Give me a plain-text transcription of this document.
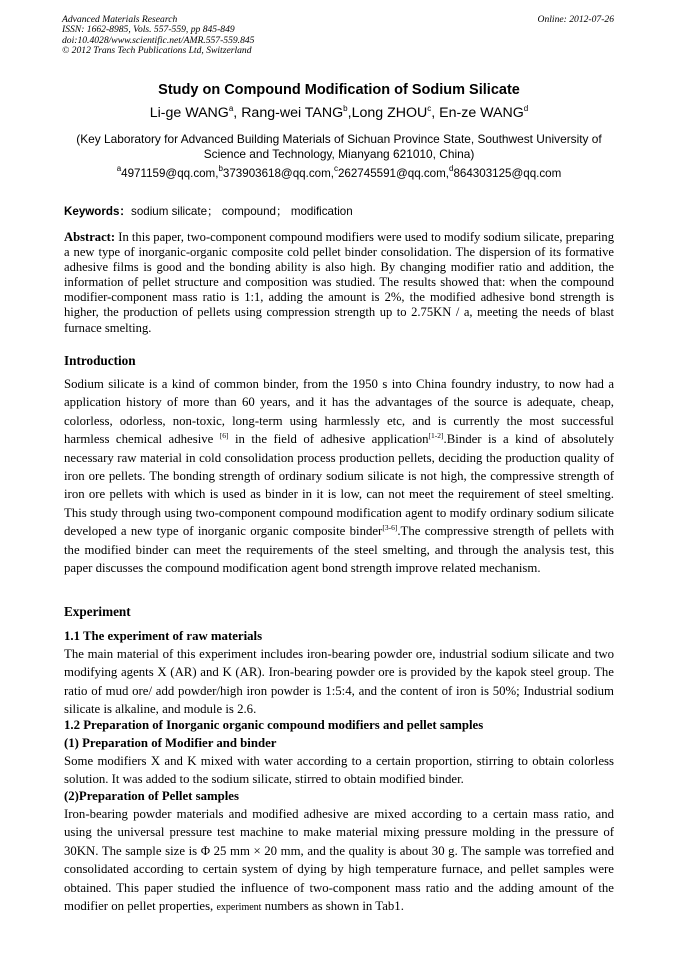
Advanced Materials Research
ISSN: 1662-8985, Vols. 557-559, pp 845-849
doi:10.4028/www.scientific.net/AMR.557-559.845
© 2012 Trans Tech Publications Ltd, Switzerland
Online: 2012-07-26
Study on Compound Modification of Sodium Silicate
Li-ge WANG$^a$, Rang-wei TANG$^b$,Long ZHOU$^c$, En-ze WANG$^d$
(Key Laboratory for Advanced Building Materials of Sichuan Province State, Southwest University of Science and Technology, Mianyang 621010, China)
$^a$4971159@qq.com,$^b$373903618@qq.com,$^c$262745591@qq.com,$^d$864303125@qq.com
Keywords：sodium silicate； compound； modification
Abstract: In this paper, two-component compound modifiers were used to modify sodium silicate, preparing a new type of inorganic-organic composite cold pellet binder consolidation. The dispersion of its formative adhesive films is good and the bonding ability is also high. By changing modifier ratio and addition, the information of pellet structure and composition was studied. The results showed that: when the compound modifier-component mass ratio is 1:1, adding the amount is 2%, the modified adhesive bond strength is higher, the production of pellets using compression strength up to 2.75KN / a, meeting the needs of blast furnace smelting.
Introduction
Sodium silicate is a kind of common binder, from the 1950 s into China foundry industry, to now had a application history of more than 60 years, and it has the advantages of the source is adequate, cheap, colorless, odorless, non-toxic, long-term using harmlessly etc, and is currently the most successful harmless chemical adhesive [6] in the field of adhesive application[1-2].Binder is a kind of absolutely necessary raw material in cold consolidation process production pellets, deciding the production quality of iron ore pellets. The bonding strength of ordinary sodium silicate is not high, the compressive strength of iron ore pellets with which is used as binder in it is low, can not meet the requirement of steel smelting. This study through using two-component compound modification agent to modify ordinary sodium silicate developed a new type of inorganic organic composite binder[3-6].The compressive strength of pellets with the modified binder can meet the requirements of the steel smelting, and through the analysis test, this paper discusses the compound modification agent bond strength improve related mechanism.
Experiment
1.1 The experiment of raw materials
The main material of this experiment includes iron-bearing powder ore, industrial sodium silicate and two modifying agents X (AR) and K (AR). Iron-bearing powder ore is provided by the kapok steel group. The ratio of mud ore/ add powder/high iron powder is 1:5:4, and the content of iron is 50%; Industrial sodium silicate is alkaline, and module is 2.6.
1.2 Preparation of Inorganic organic compound modifiers and pellet samples
(1) Preparation of Modifier and binder
Some modifiers X and K mixed with water according to a certain proportion, stirring to obtain colorless solution. It was added to the sodium silicate, stirred to obtain modified binder.
(2)Preparation of Pellet samples
Iron-bearing powder materials and modified adhesive are mixed according to a certain mass ratio, and using the universal pressure test machine to make material mixing pressure molding in the pressure of 30KN. The sample size is Φ 25 mm × 20 mm, and the quality is about 30 g. The sample was torrefied and consolidated according to certain system of dying by high temperature furnace, and pellet samples were obtained. This paper studied the influence of two-component mass ratio and the adding amount of the modifier on pellet properties, experiment numbers as shown in Tab1.
